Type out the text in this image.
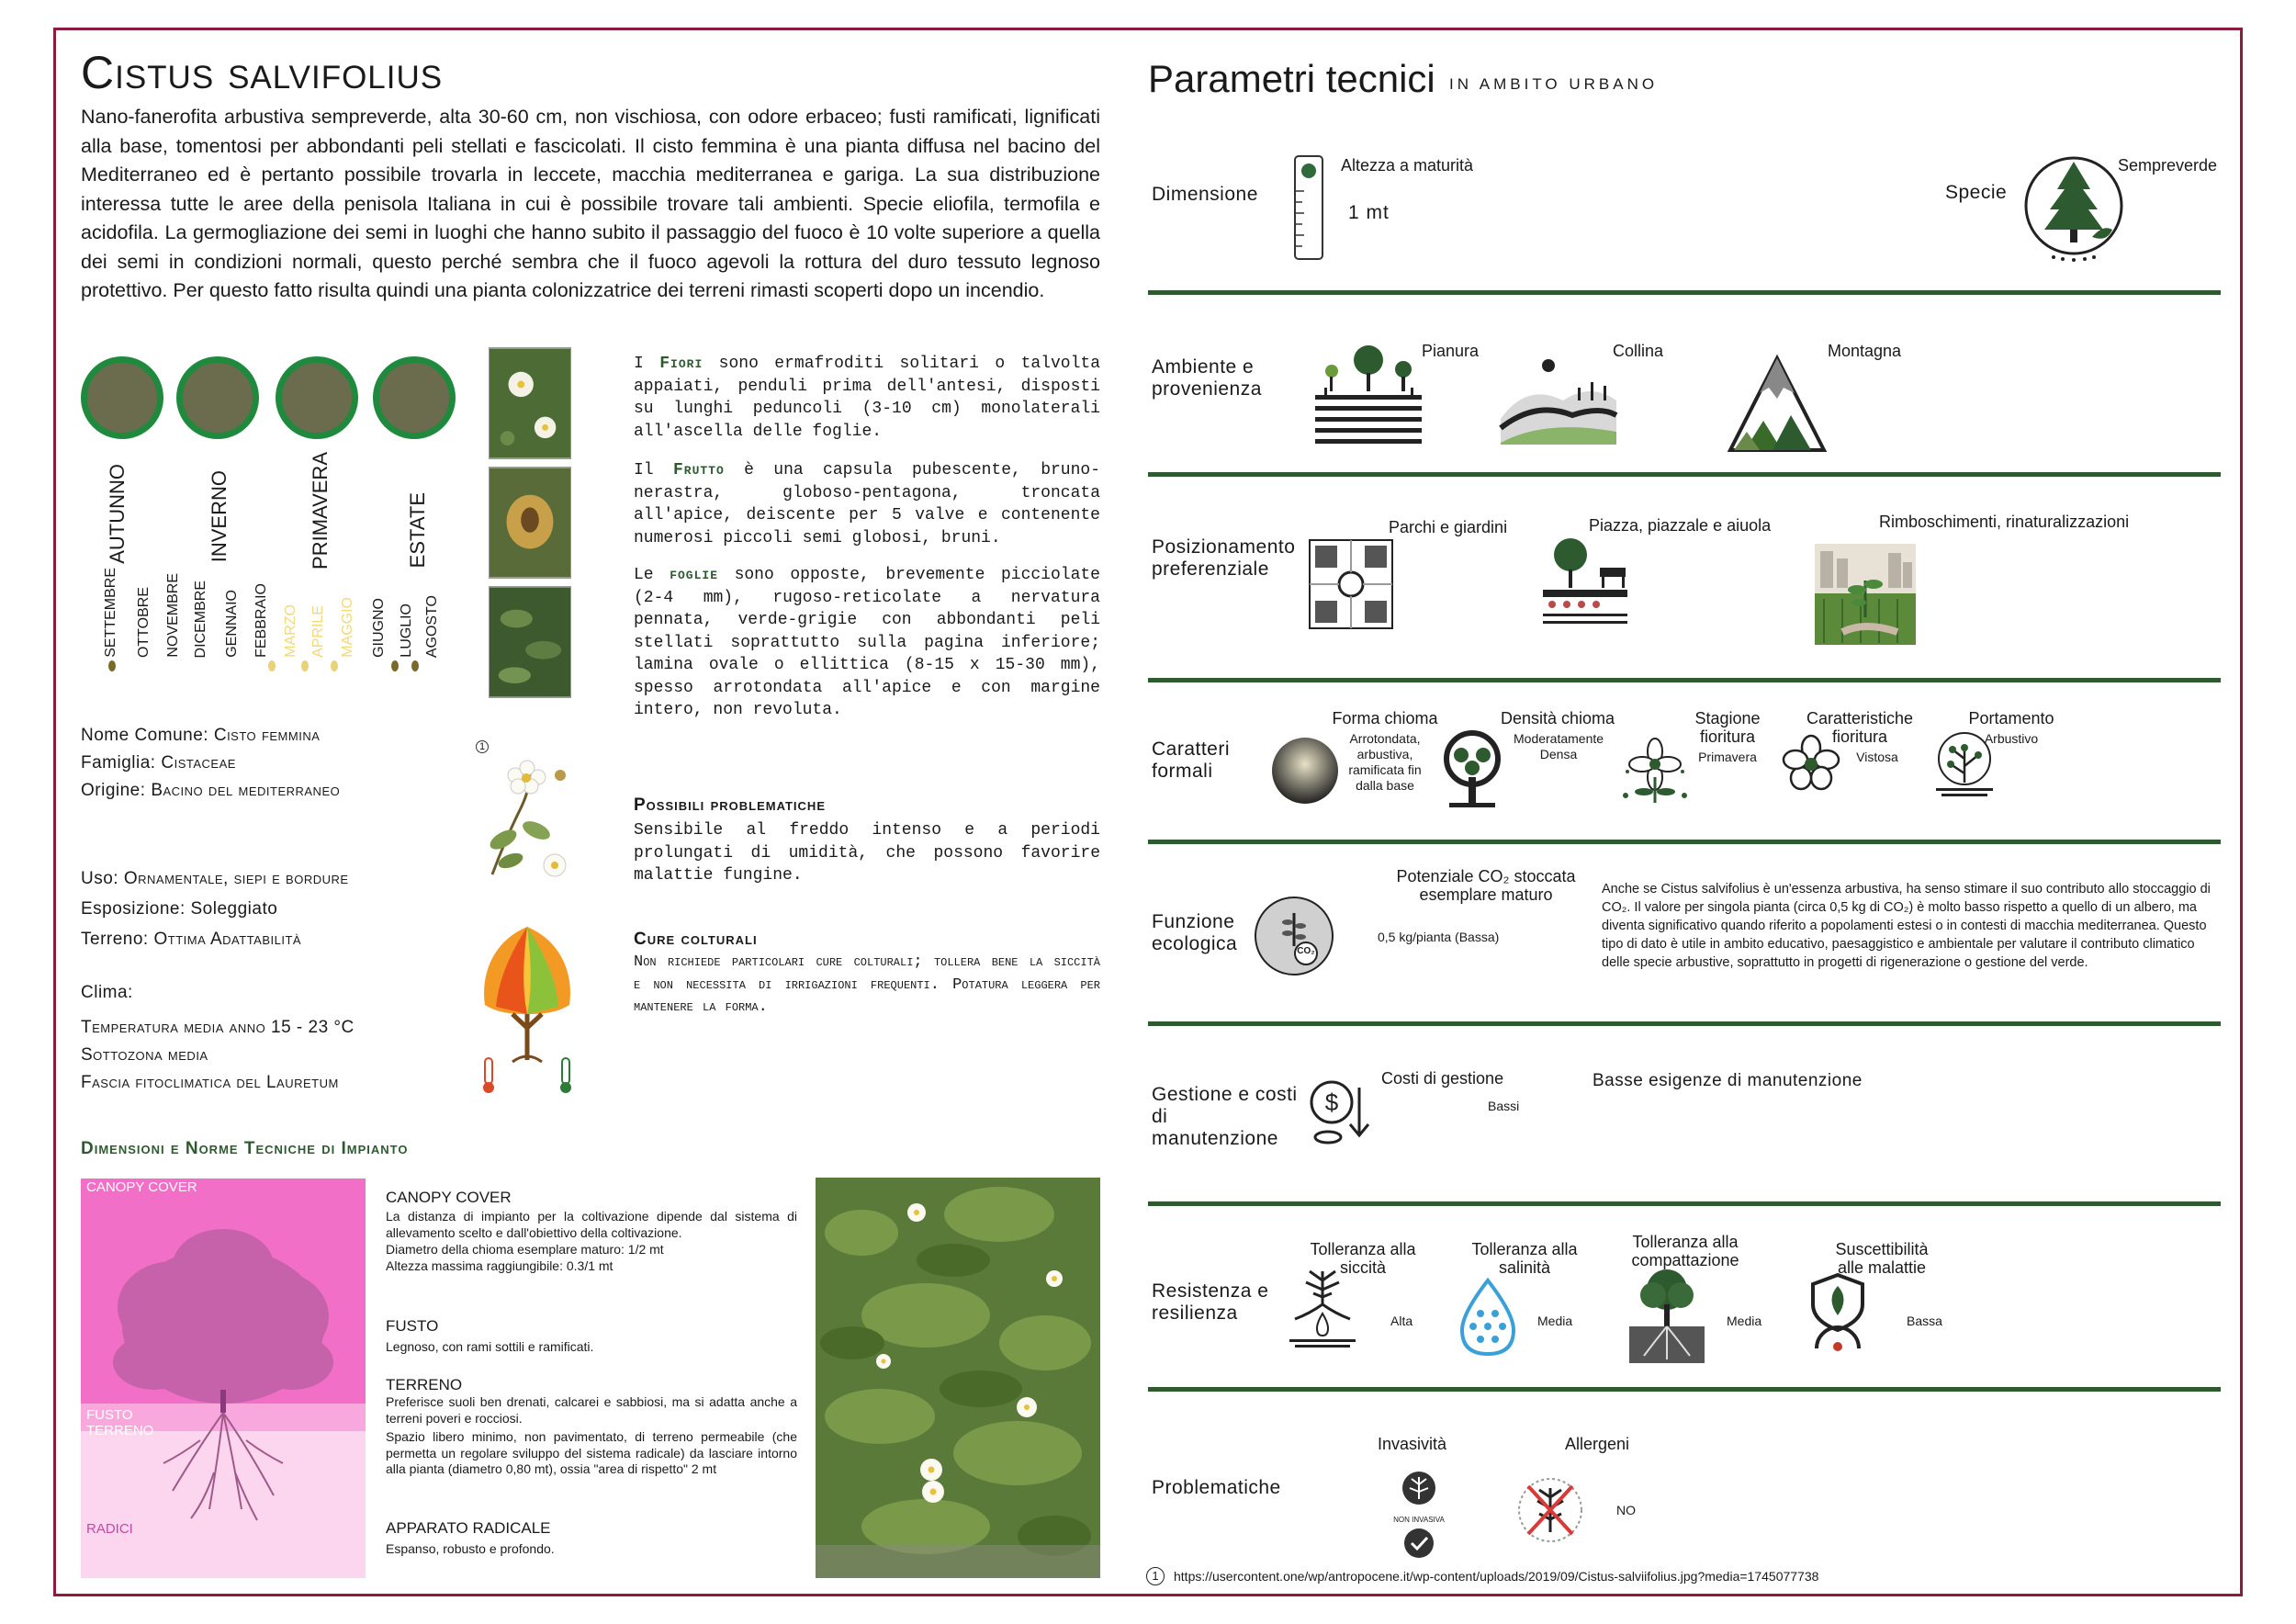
Cistus salvifolius
Nano-fanerofita arbustiva sempreverde, alta 30-60 cm, non vischiosa, con odore erbaceo; fusti ramificati, lignificati alla base, tomentosi per abbondanti peli stellati e fascicolati. Il cisto femmina è una pianta diffusa nel bacino del Mediterraneo ed è pertanto possibile trovarla in leccete, macchia mediterranea e gariga. La sua distribuzione interessa tutte le aree della penisola Italiana in cui è possibile trovare tali ambienti. Specie eliofila, termofila e acidofila. La germogliazione dei semi in luoghi che hanno subito il passaggio del fuoco è 10 volte superiore a quella dei semi in condizioni normali, questo perché sembra che il fuoco agevoli la rottura del duro tessuto legnoso protettivo. Per questo fatto risulta quindi una pianta colonizzatrice dei terreni rimasti scoperti dopo un incendio.
AUTUNNO	INVERNO	PRIMAVERA	ESTATE
SETTEMBRE OTTOBRE NOVEMBRE DICEMBRE GENNAIO FEBBRAIO MARZO APRILE MAGGIO GIUGNO LUGLIO AGOSTO
I Fiori sono ermafroditi solitari o talvolta appaiati, penduli prima dell'antesi, disposti su lunghi peduncoli (3-10 cm) monolaterali all'ascella delle foglie.
Il Frutto è una capsula pubescente, bruno-nerastra, globoso-pentagona, troncata all'apice, deiscente per 5 valve e contenente numerosi piccoli semi globosi, bruni.
Le foglie sono opposte, brevemente picciolate (2-4 mm), rugoso-reticolate a nervatura pennata, verde-grigie con abbondanti peli stellati soprattutto sulla pagina inferiore; lamina ovale o ellittica (8-15 x 15-30 mm), spesso arrotondata all'apice e con margine intero, non revoluta.
Nome Comune: Cisto femmina
Famiglia: Cistaceae
Origine: Bacino del mediterraneo
Uso: Ornamentale, siepi e bordure
Esposizione: Soleggiato
Terreno: Ottima Adattabilità
Clima:
Temperatura media anno 15 - 23 °C
Sottozona media
Fascia fitoclimatica del Lauretum
1
Possibili problematiche
Sensibile al freddo intenso e a periodi prolungati di umidità, che possono favorire malattie fungine.
Cure colturali
Non richiede particolari cure colturali; tollera bene la siccità e non necessita di irrigazioni frequenti. Potatura leggera per mantenere la forma.
Dimensioni e Norme Tecniche di Impianto
CANOPY COVER
FUSTO
TERRENO
RADICI
CANOPY COVER
La distanza di impianto per la coltivazione dipende dal sistema di allevamento scelto e dall'obiettivo della coltivazione.
Diametro della chioma esemplare maturo: 1/2 mt
Altezza massima raggiungibile: 0.3/1 mt
FUSTO
Legnoso, con rami sottili e ramificati.
TERRENO
Preferisce suoli ben drenati, calcarei e sabbiosi, ma si adatta anche a terreni poveri e rocciosi.
Spazio libero minimo, non pavimentato, di terreno permeabile (che permetta un regolare sviluppo del sistema radicale) da lasciare intorno alla pianta (diametro 0,80 mt), ossia "area di rispetto" 2 mt
APPARATO RADICALE
Espanso, robusto e profondo.
Parametri tecnici IN AMBITO URBANO
Dimensione
Altezza a maturità
1 mt
Specie
Sempreverde
Ambiente e provenienza
Pianura	Collina	Montagna
Posizionamento preferenziale
Parchi e giardini	Piazza, piazzale e aiuola	Rimboschimenti, rinaturalizzazioni
Caratteri formali
Forma chioma
Arrotondata, arbustiva, ramificata fin dalla base
Densità chioma
Moderatamente Densa
Stagione fioritura
Primavera
Caratteristiche fioritura
Vistosa
Portamento
Arbustivo
Funzione ecologica	CO₂
Potenziale CO₂ stoccata esemplare maturo
0,5 kg/pianta (Bassa)
Anche se Cistus salvifolius è un'essenza arbustiva, ha senso stimare il suo contributo allo stoccaggio di CO₂. Il valore per singola pianta (circa 0,5 kg di CO₂) è molto basso rispetto a quello di un albero, ma diventa significativo quando riferito a popolamenti estesi o in contesti di macchia mediterranea. Questo tipo di dato è utile in ambito educativo, paesaggistico e ambientale per valutare il contributo climatico delle specie arbustive, soprattutto in progetti di rigenerazione o gestione del verde.
Gestione e costi di manutenzione
$
Costi di gestione
Bassi
Basse esigenze di manutenzione
Resistenza e resilienza
Tolleranza alla siccità
Alta
Tolleranza alla salinità
Media
Tolleranza alla compattazione
Media
Suscettibilità alle malattie
Bassa
Problematiche
Invasività
NON INVASIVA
Allergeni
NO
1	https://usercontent.one/wp/antropocene.it/wp-content/uploads/2019/09/Cistus-salviifolius.jpg?media=1745077738
